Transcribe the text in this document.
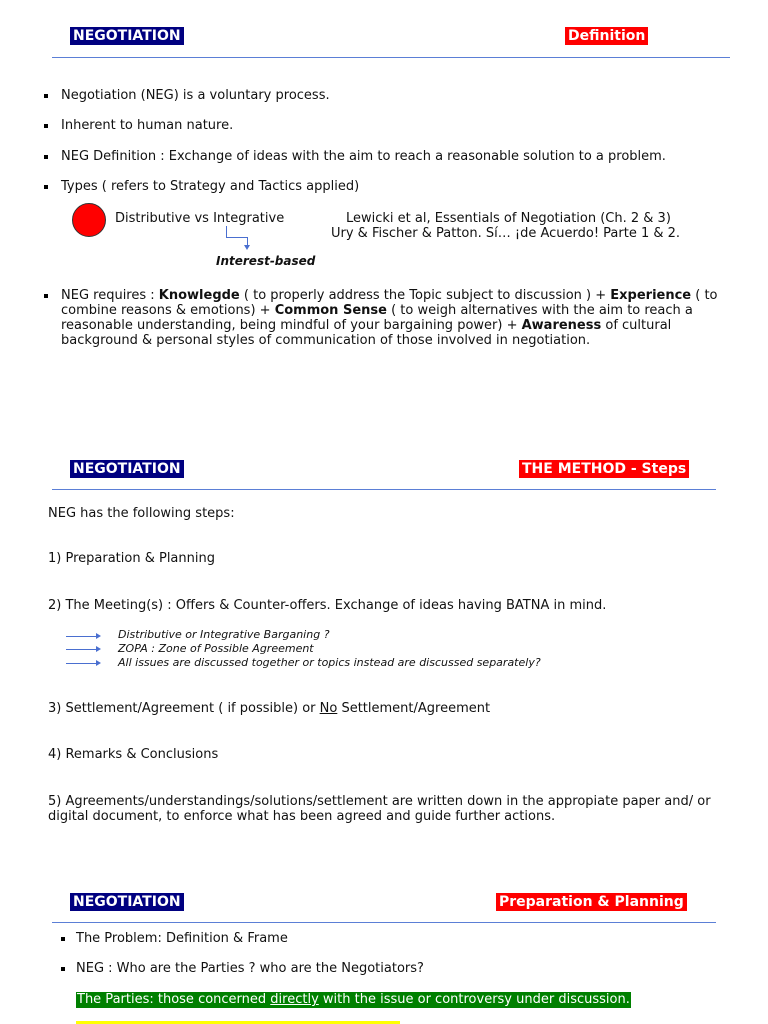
NEGOTIATION	Definition
Negotiation (NEG) is a voluntary process.
Inherent to human nature.
NEG Definition : Exchange of ideas with the aim to reach a reasonable solution to a problem.
Types ( refers to Strategy and Tactics applied)
Distributive vs Integrative	Lewicki et al, Essentials of Negotiation (Ch. 2 & 3)
Ury & Fischer & Patton. Sí… ¡de Acuerdo! Parte 1 & 2.
Interest-based
NEG requires : Knowlegde ( to properly address the Topic subject to discussion ) + Experience ( to combine reasons & emotions) + Common Sense ( to weigh alternatives with the aim to reach a reasonable understanding, being mindful of your bargaining power) + Awareness of cultural background & personal styles of communication of those involved in negotiation.
NEGOTIATION	THE METHOD - Steps
NEG has the following steps:
1) Preparation & Planning
2) The Meeting(s) : Offers & Counter-offers. Exchange of ideas having BATNA in mind.
Distributive or Integrative Barganing ?
ZOPA : Zone of Possible Agreement
All issues are discussed together or topics instead are discussed separately?
3) Settlement/Agreement ( if possible) or No Settlement/Agreement
4) Remarks & Conclusions
5) Agreements/understandings/solutions/settlement are written down in the appropiate paper and/ or digital document, to enforce what has been agreed and guide further actions.
NEGOTIATION	Preparation & Planning
The Problem: Definition & Frame
NEG : Who are the Parties ? who are the Negotiators?
The Parties: those concerned directly with the issue or controversy under discussion.
